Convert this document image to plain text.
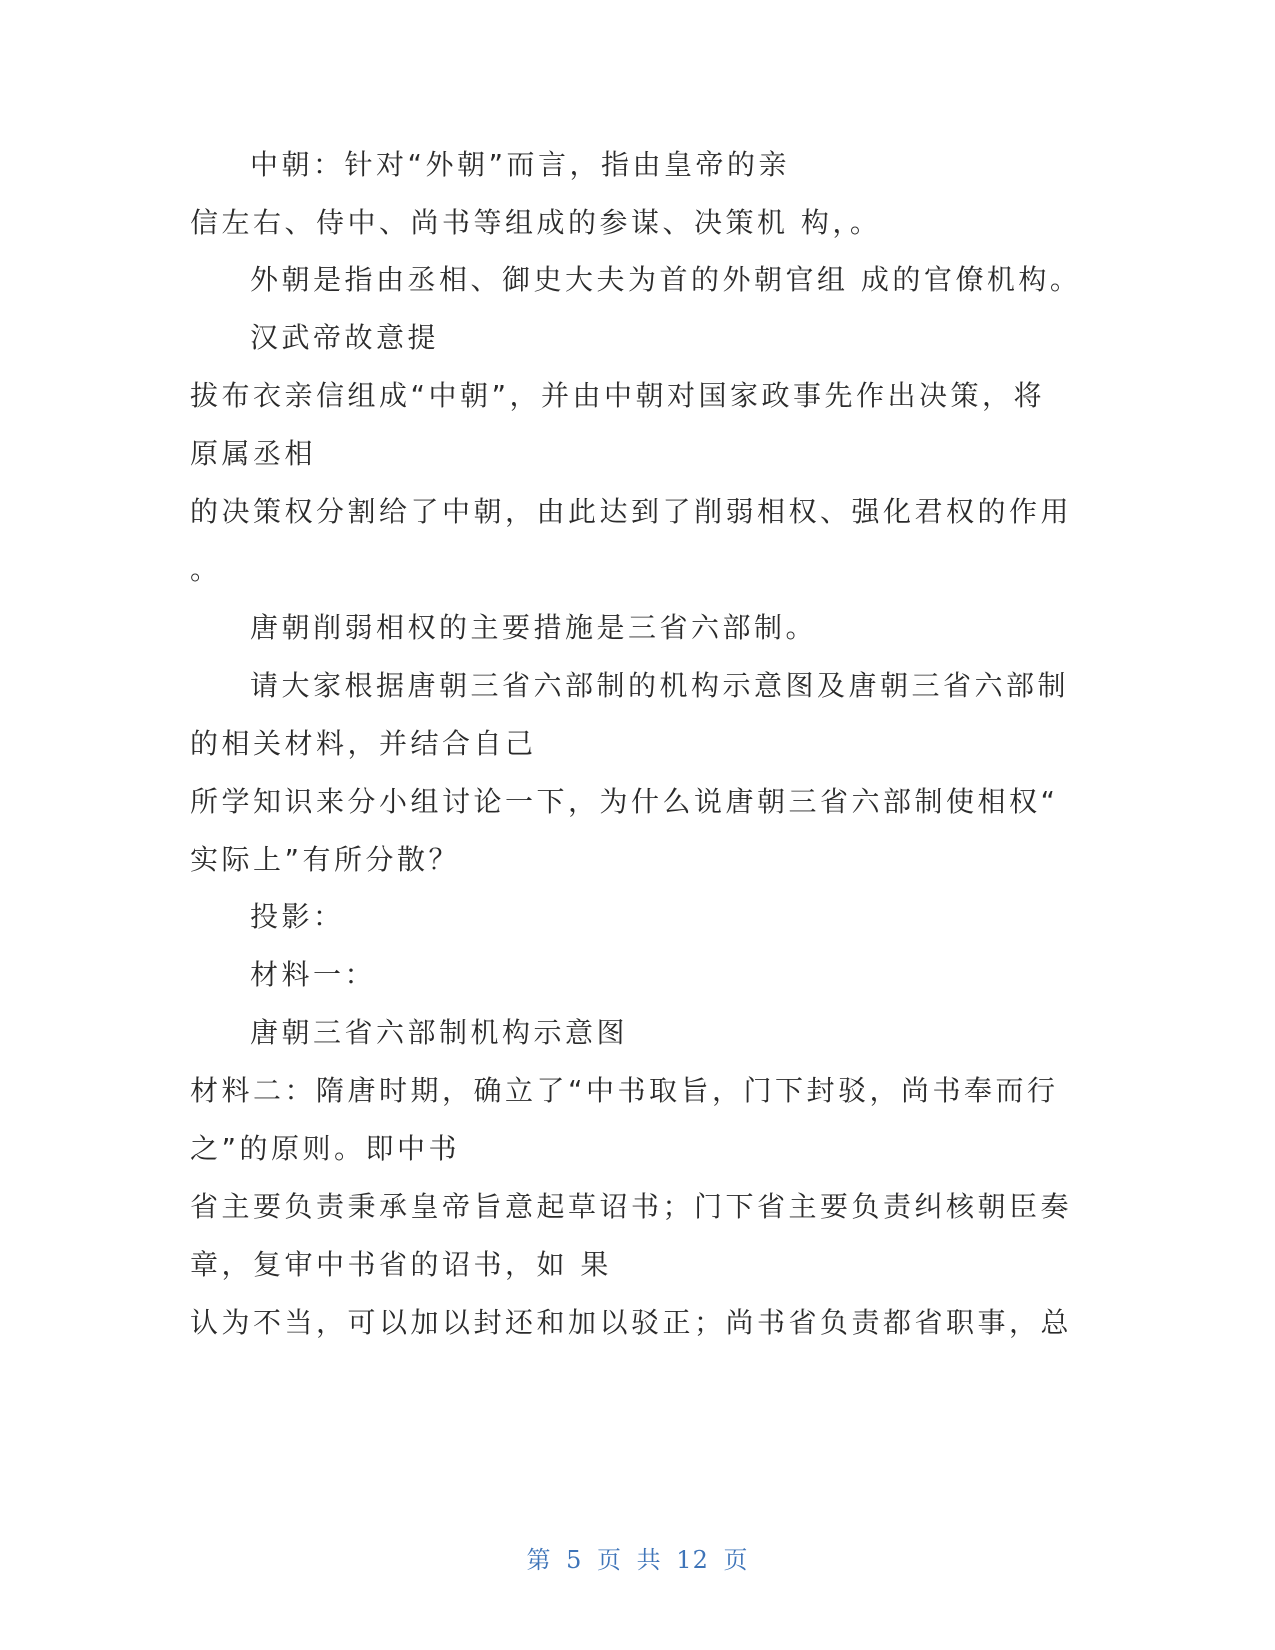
中朝：针对“外朝”而言，指由皇帝的亲
信左右、侍中、尚书等组成的参谋、决策机 构，。
外朝是指由丞相、御史大夫为首的外朝官组 成的官僚机构。
汉武帝故意提
拔布衣亲信组成“中朝”，并由中朝对国家政事先作出决策，将
原属丞相
的决策权分割给了中朝，由此达到了削弱相权、强化君权的作用
。
唐朝削弱相权的主要措施是三省六部制。
请大家根据唐朝三省六部制的机构示意图及唐朝三省六部制
的相关材料，并结合自己
所学知识来分小组讨论一下，为什么说唐朝三省六部制使相权“
实际上”有所分散？
投影：
材料一：
唐朝三省六部制机构示意图
材料二：隋唐时期，确立了“中书取旨，门下封驳，尚书奉而行
之”的原则。即中书
省主要负责秉承皇帝旨意起草诏书；门下省主要负责纠核朝臣奏
章，复审中书省的诏书，如 果
认为不当，可以加以封还和加以驳正；尚书省负责都省职事，总
第 5 页 共 12 页
